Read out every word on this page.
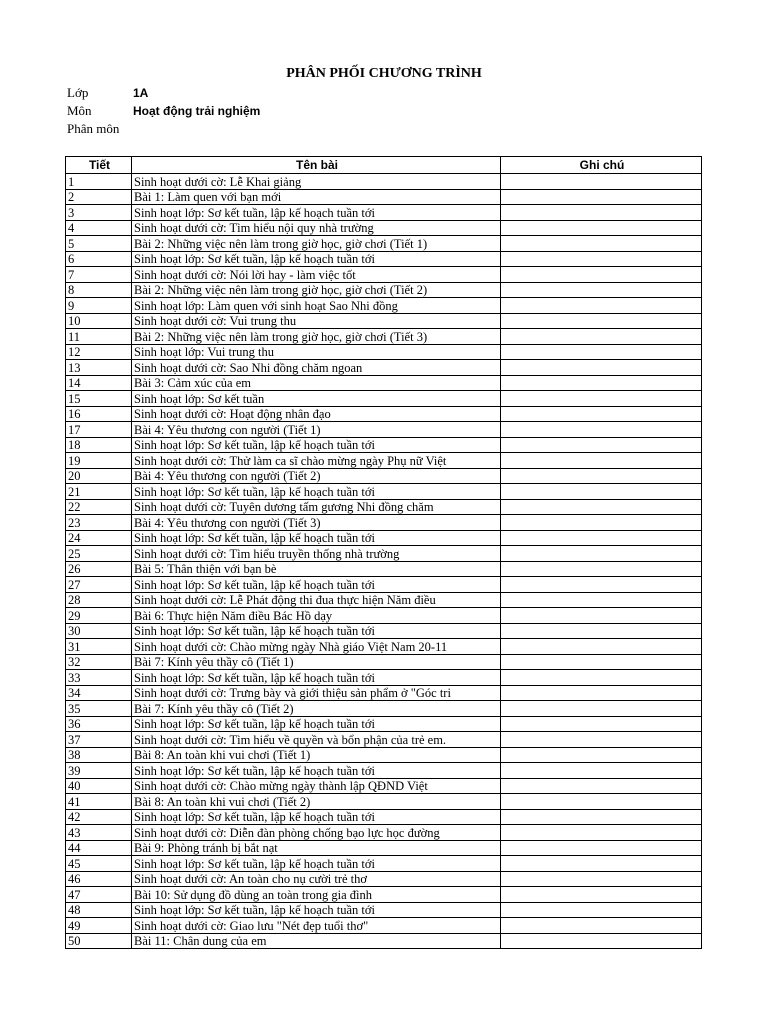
PHÂN PHỐI CHƯƠNG TRÌNH
Lớp	1A
Môn	Hoạt động trải nghiệm
Phân môn
Tiết	Tên bài	Ghi chú
1	Sinh hoạt dưới cờ: Lễ Khai giảng	
2	Bài 1: Làm quen với bạn mới	
3	Sinh hoạt lớp: Sơ kết tuần, lập kế hoạch tuần tới	
4	Sinh hoạt dưới cờ: Tìm hiểu nội quy nhà trường	
5	Bài 2: Những việc nên làm trong giờ học, giờ chơi (Tiết 1)	
6	Sinh hoạt lớp: Sơ kết tuần, lập kế hoạch tuần tới	
7	Sinh hoạt dưới cờ: Nói lời hay - làm việc tốt	
8	Bài 2: Những việc nên làm trong giờ học, giờ chơi (Tiết 2)	
9	Sinh hoạt lớp: Làm quen với sinh hoạt Sao Nhi đồng	
10	Sinh hoạt dưới cờ: Vui trung thu	
11	Bài 2: Những việc nên làm trong giờ học, giờ chơi (Tiết 3)	
12	Sinh hoạt lớp: Vui trung thu	
13	Sinh hoạt dưới cờ: Sao Nhi đồng chăm ngoan	
14	Bài 3: Cảm xúc của em	
15	Sinh hoạt lớp: Sơ kết tuần	
16	Sinh hoạt dưới cờ: Hoạt động nhân đạo	
17	Bài 4: Yêu thương con người (Tiết 1)	
18	Sinh hoạt lớp: Sơ kết tuần, lập kế hoạch tuần tới	
19	Sinh hoạt dưới cờ: Thử làm ca sĩ chào mừng ngày Phụ nữ Việt	
20	Bài 4: Yêu thương con người (Tiết 2)	
21	Sinh hoạt lớp: Sơ kết tuần, lập kế hoạch tuần tới	
22	Sinh hoạt dưới cờ: Tuyên dương tấm gương Nhi đồng chăm	
23	Bài 4: Yêu thương con người (Tiết 3)	
24	Sinh hoạt lớp: Sơ kết tuần, lập kế hoạch tuần tới	
25	Sinh hoạt dưới cờ: Tìm hiểu truyền thống nhà trường	
26	Bài 5: Thân thiện với bạn bè	
27	Sinh hoạt lớp: Sơ kết tuần, lập kế hoạch tuần tới	
28	Sinh hoạt dưới cờ: Lễ Phát động thi đua thực hiện Năm điều	
29	Bài 6: Thực hiện Năm điều Bác Hồ dạy	
30	Sinh hoạt lớp: Sơ kết tuần, lập kế hoạch tuần tới	
31	Sinh hoạt dưới cờ: Chào mừng ngày Nhà giáo Việt Nam 20-11	
32	Bài 7: Kính yêu thầy cô (Tiết 1)	
33	Sinh hoạt lớp: Sơ kết tuần, lập kế hoạch tuần tới	
34	Sinh hoạt dưới cờ: Trưng bày và giới thiệu sản phẩm ở "Góc tri	
35	Bài 7: Kính yêu thầy cô (Tiết 2)	
36	Sinh hoạt lớp: Sơ kết tuần, lập kế hoạch tuần tới	
37	Sinh hoạt dưới cờ: Tìm hiểu về quyền và bổn phận của trẻ em.	
38	Bài 8: An toàn khi vui chơi (Tiết 1)	
39	Sinh hoạt lớp: Sơ kết tuần, lập kế hoạch tuần tới	
40	Sinh hoạt dưới cờ: Chào mừng ngày thành lập QĐND Việt	
41	Bài 8: An toàn khi vui chơi (Tiết 2)	
42	Sinh hoạt lớp: Sơ kết tuần, lập kế hoạch tuần tới	
43	Sinh hoạt dưới cờ: Diễn đàn phòng chống bạo lực học đường	
44	Bài 9: Phòng tránh bị bắt nạt	
45	Sinh hoạt lớp: Sơ kết tuần, lập kế hoạch tuần tới	
46	Sinh hoạt dưới cờ: An toàn cho nụ cười trẻ thơ	
47	Bài 10: Sử dụng đồ dùng an toàn trong gia đình	
48	Sinh hoạt lớp: Sơ kết tuần, lập kế hoạch tuần tới	
49	Sinh hoạt dưới cờ: Giao lưu "Nét đẹp tuổi thơ"	
50	Bài 11: Chân dung của em	
